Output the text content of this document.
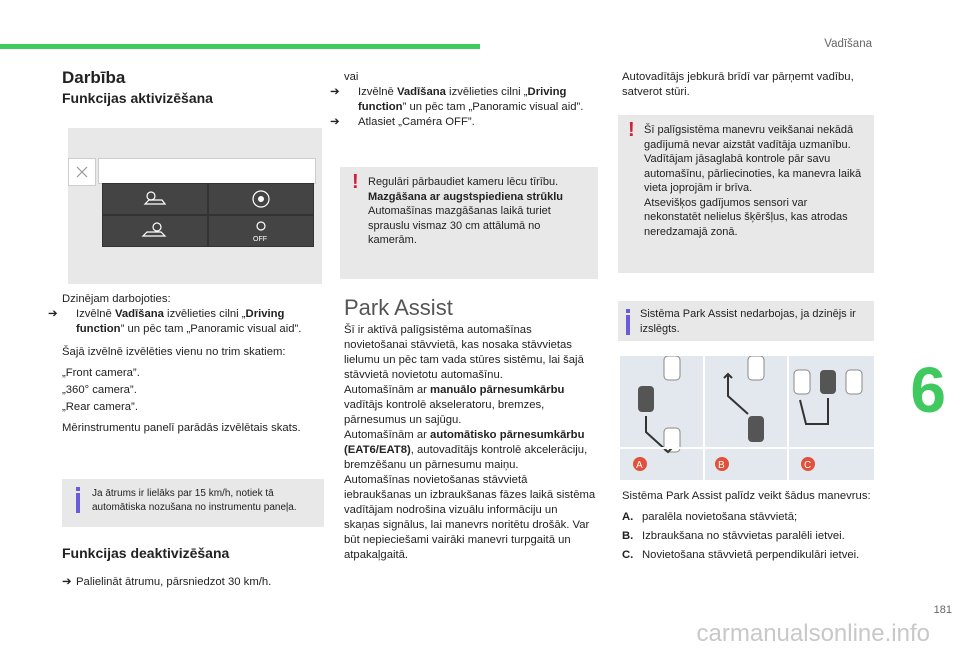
Vadīšana
Darbība
Funkcijas aktivizēšana
OFF

Dzinējam darbojoties:

➔ Izvēlnē Vadīšana izvēlieties cilni „Driving function” un pēc tam „Panoramic visual aid”.

Šajā izvēlnē izvēlēties vienu no trim skatiem:

„Front camera”.

„360° camera”.

„Rear camera”.

Mērinstrumentu panelī parādās izvēlētais skats.

Ja ātrums ir lielāks par 15 km/h, notiek tā automātiska nozušana no instrumentu paneļa.
Funkcijas deaktivizēšana

➔ Palielināt ātrumu, pārsniedzot 30 km/h.

vai

➔ Izvēlnē Vadīšana izvēlieties cilni „Driving function” un pēc tam „Panoramic visual aid”.

➔ Atlasiet „Caméra OFF”.

! Regulāri pārbaudiet kameru lēcu tīrību.
Mazgāšana ar augstspiediena strūklu
Automašīnas mazgāšanas laikā turiet sprauslu vismaz 30 cm attālumā no kamerām.
Park Assist

Šī ir aktīvā palīgsistēma automašīnas novietošanai stāvvietā, kas nosaka stāvvietas lielumu un pēc tam vada stūres sistēmu, lai šajā stāvvietā novietotu automašīnu.

Automašīnām ar manuālo pārnesumkārbu vadītājs kontrolē akseleratoru, bremzes, pārnesumus un sajūgu.

Automašīnām ar automātisko pārnesumkārbu (EAT6/EAT8), autovadītājs kontrolē akcelerāciju, bremzēšanu un pārnesumu maiņu.

Automašīnas novietošanas stāvvietā iebraukšanas un izbraukšanas fāzes laikā sistēma vadītājam nodrošina vizuālu informāciju un skaņas signālus, lai manevrs noritētu drošāk. Var būt nepieciešami vairāki manevri turpgaitā un atpakaļgaitā.

Autovadītājs jebkurā brīdī var pārņemt vadību, satverot stūri.

! Šī palīgsistēma manevru veikšanai nekādā gadījumā nevar aizstāt vadītāja uzmanību.
Vadītājam jāsaglabā kontrole pār savu automašīnu, pārliecinoties, ka manevra laikā vieta joprojām ir brīva.
Atsevišķos gadījumos sensori var nekonstatēt nelielus šķēršļus, kas atrodas neredzamajā zonā.
Sistēma Park Assist nedarbojas, ja dzinējs ir izslēgts.
A	B	C

Sistēma Park Assist palīdz veikt šādus manevrus:

A. paralēla novietošana stāvvietā;

B. Izbraukšana no stāvvietas paralēli ietvei.

C. Novietošana stāvvietā perpendikulāri ietvei.

6
181
carmanualsonline.info
